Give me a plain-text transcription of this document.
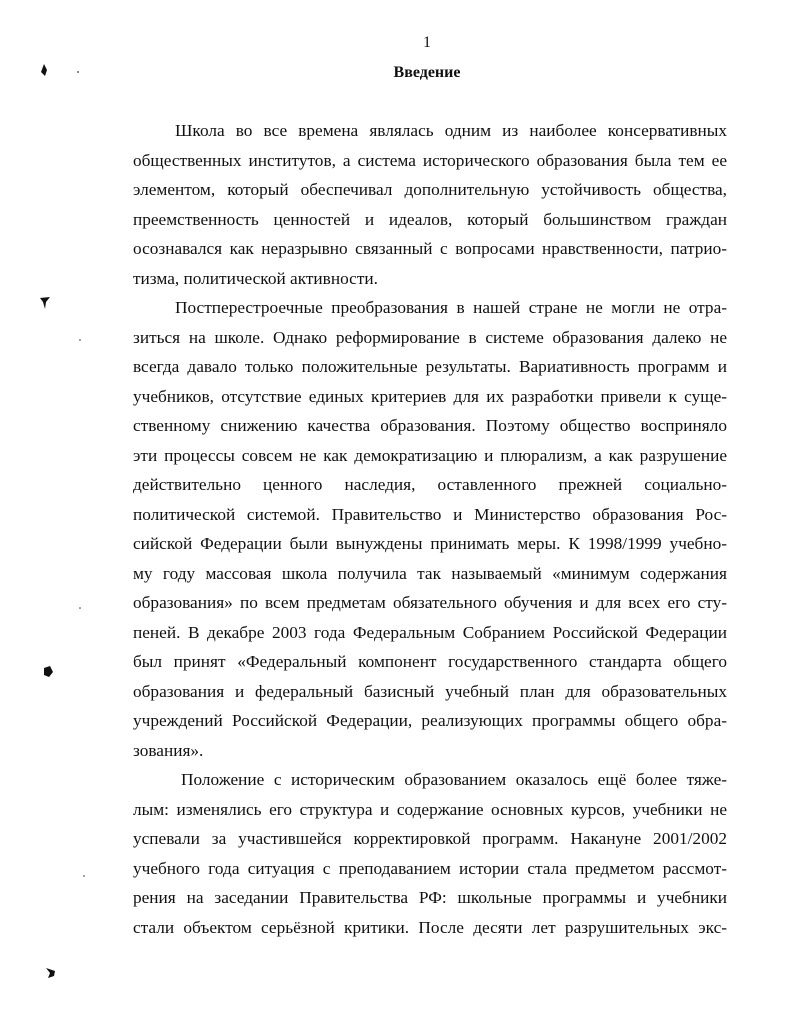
1
Введение
Школа во все времена являлась одним из наиболее консервативных
общественных институтов, а система исторического образования была тем ее
элементом, который обеспечивал дополнительную устойчивость общества,
преемственность ценностей и идеалов, который большинством граждан
осознавался как неразрывно связанный с вопросами нравственности, патрио-
тизма, политической активности.
Постперестроечные преобразования в нашей стране не могли не отра-
зиться на школе. Однако реформирование в системе образования далеко не
всегда давало только положительные результаты. Вариативность программ и
учебников, отсутствие единых критериев для их разработки привели к суще-
ственному снижению качества образования. Поэтому общество восприняло
эти процессы совсем не как демократизацию и плюрализм, а как разрушение
действительно ценного наследия, оставленного прежней социально-
политической системой. Правительство и Министерство образования Рос-
сийской Федерации были вынуждены принимать меры. К 1998/1999 учебно-
му году массовая школа получила так называемый «минимум содержания
образования» по всем предметам обязательного обучения и для всех его сту-
пеней. В декабре 2003 года Федеральным Собранием Российской Федерации
был принят «Федеральный компонент государственного стандарта общего
образования и федеральный базисный учебный план для образовательных
учреждений Российской Федерации, реализующих программы общего обра-
зования».
Положение с историческим образованием оказалось ещё более тяже-
лым: изменялись его структура и содержание основных курсов, учебники не
успевали за участившейся корректировкой программ. Накануне 2001/2002
учебного года ситуация с преподаванием истории стала предметом рассмот-
рения на заседании Правительства РФ: школьные программы и учебники
стали объектом серьёзной критики. После десяти лет разрушительных экс-
